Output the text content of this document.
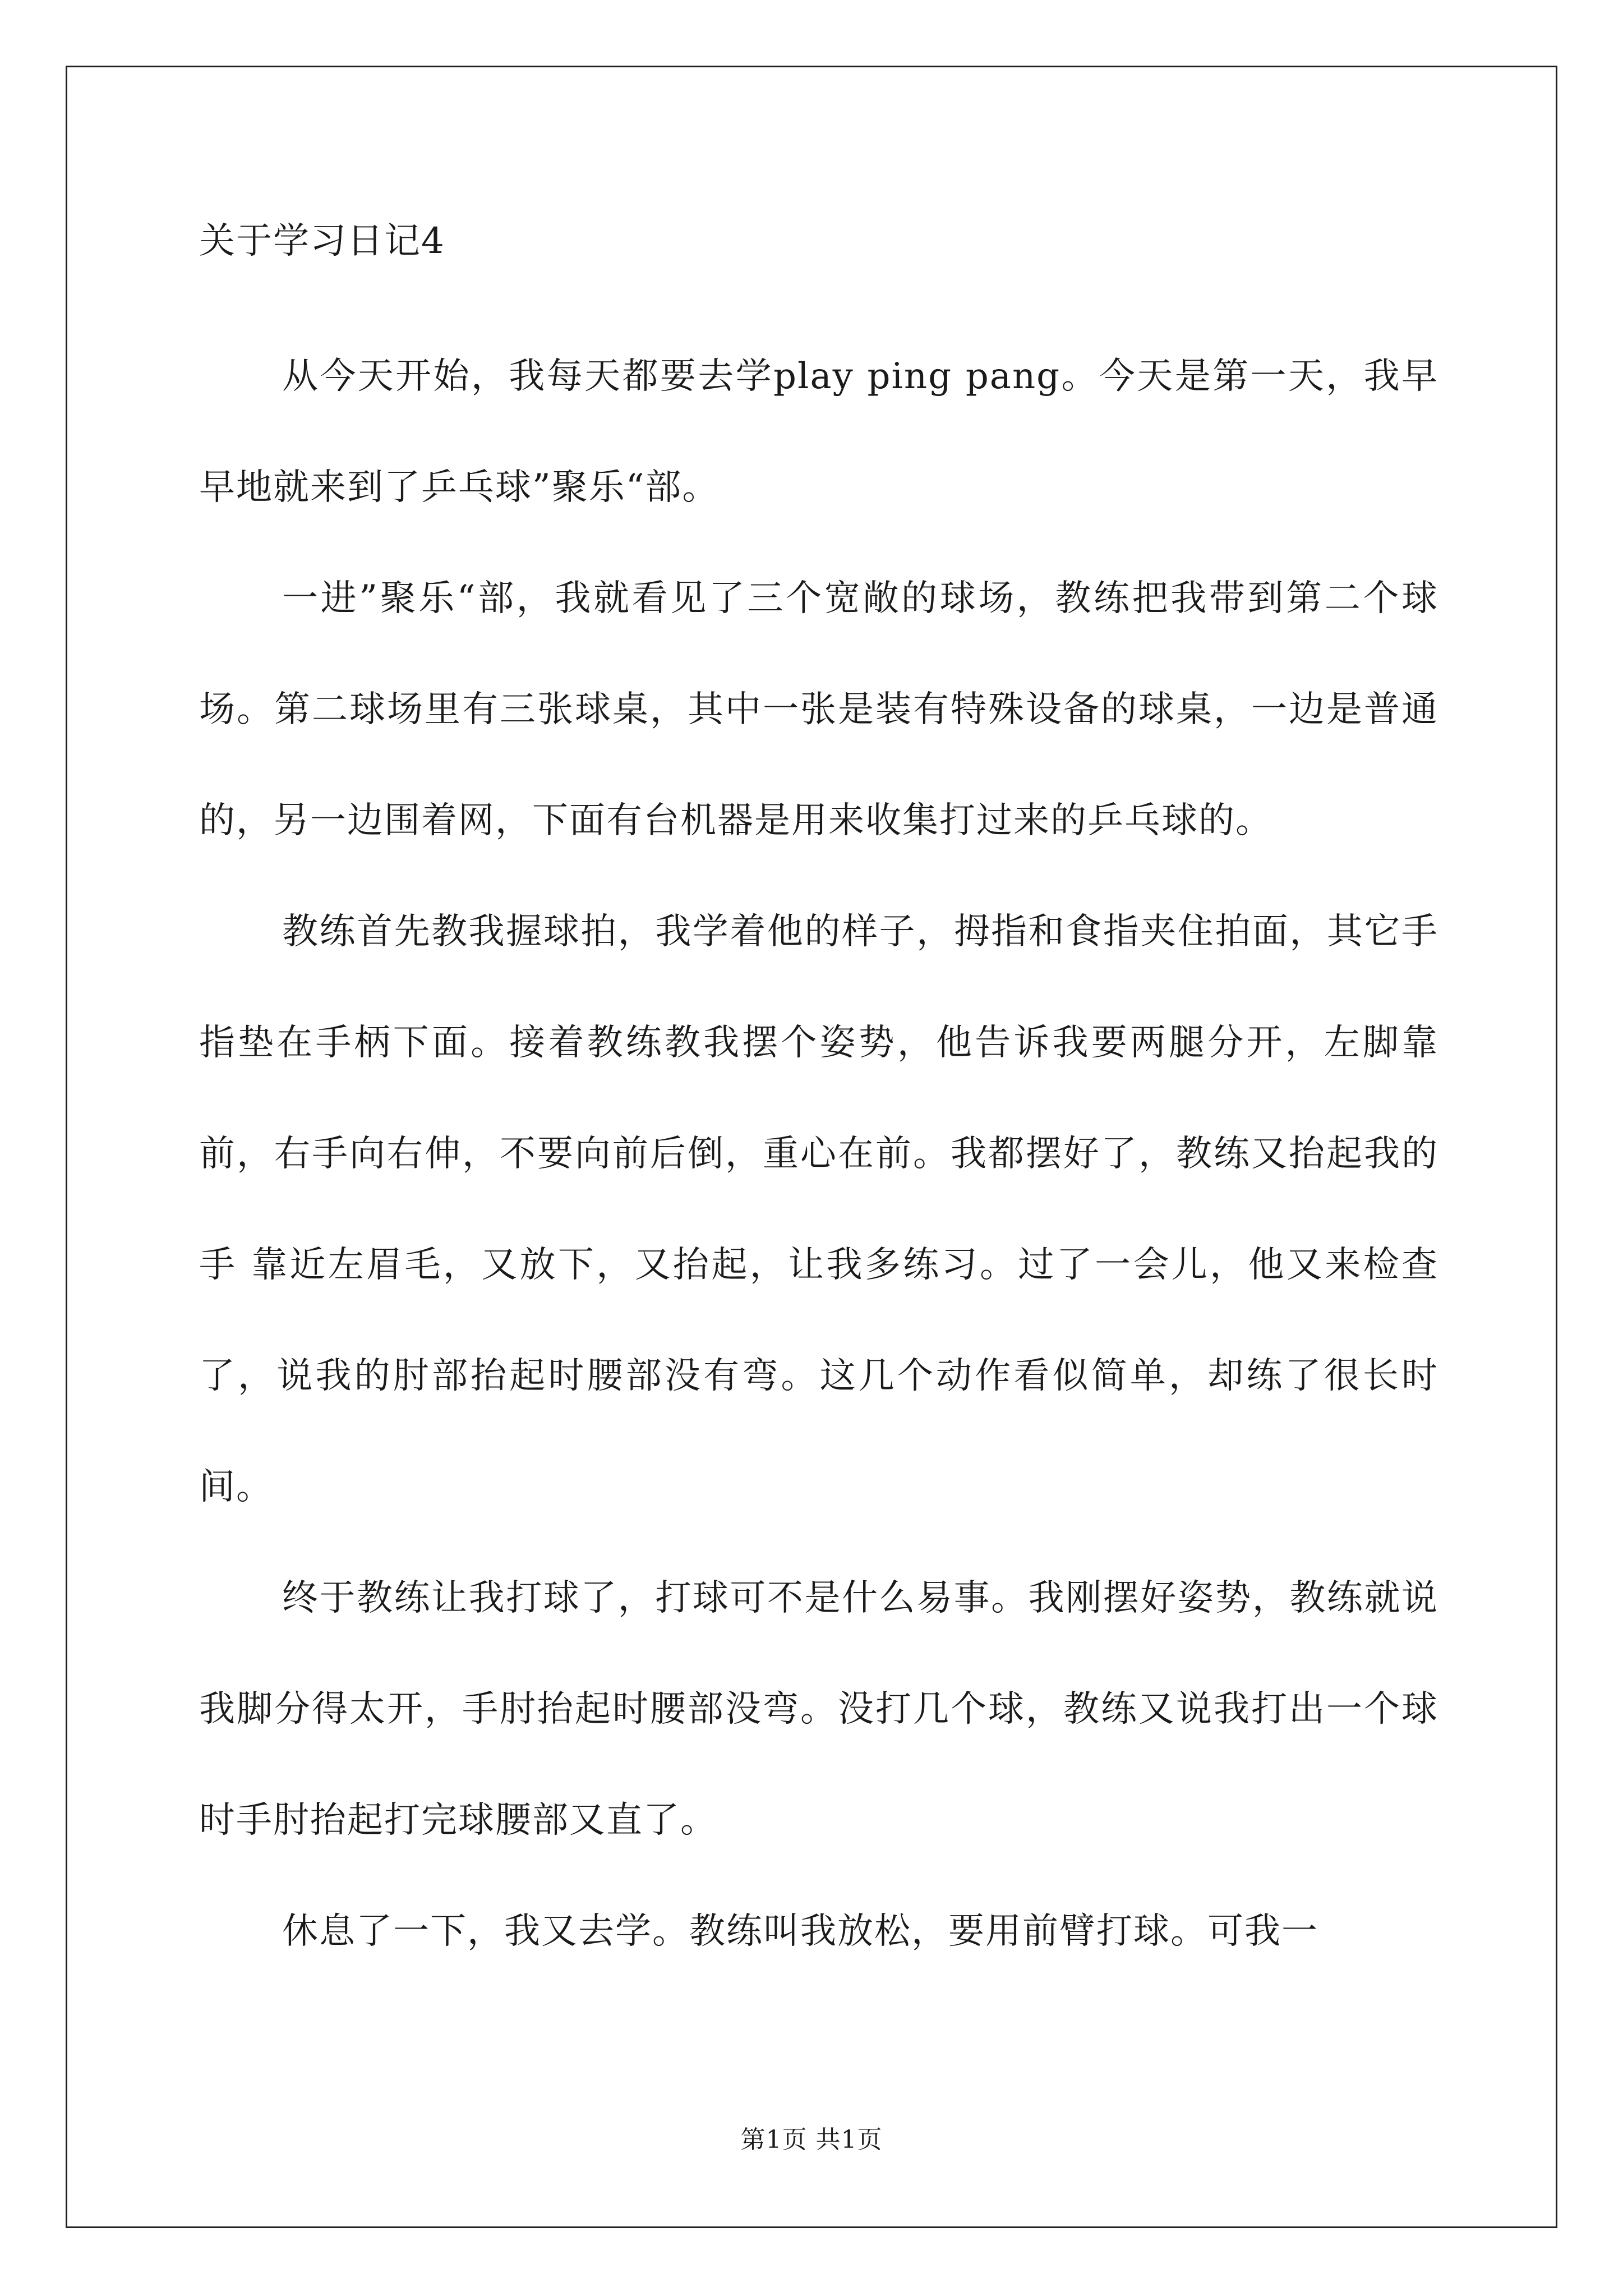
关于学习日记4

从今天开始，我每天都要去学play ping pang。今天是第一天，我早早地就来到了乒乓球”聚乐“部。

一进”聚乐“部，我就看见了三个宽敞的球场，教练把我带到第二个球场。第二球场里有三张球桌，其中一张是装有特殊设备的球桌，一边是普通的，另一边围着网，下面有台机器是用来收集打过来的乒乓球的。

教练首先教我握球拍，我学着他的样子，拇指和食指夹住拍面，其它手指垫在手柄下面。接着教练教我摆个姿势，他告诉我要两腿分开，左脚靠前，右手向右伸，不要向前后倒，重心在前。我都摆好了，教练又抬起我的手 靠近左眉毛，又放下，又抬起，让我多练习。过了一会儿，他又来检查了，说我的肘部抬起时腰部没有弯。这几个动作看似简单，却练了很长时间。

终于教练让我打球了，打球可不是什么易事。我刚摆好姿势，教练就说我脚分得太开，手肘抬起时腰部没弯。没打几个球，教练又说我打出一个球时手肘抬起打完球腰部又直了。

休息了一下，我又去学。教练叫我放松，要用前臂打球。可我一

第1页 共1页
